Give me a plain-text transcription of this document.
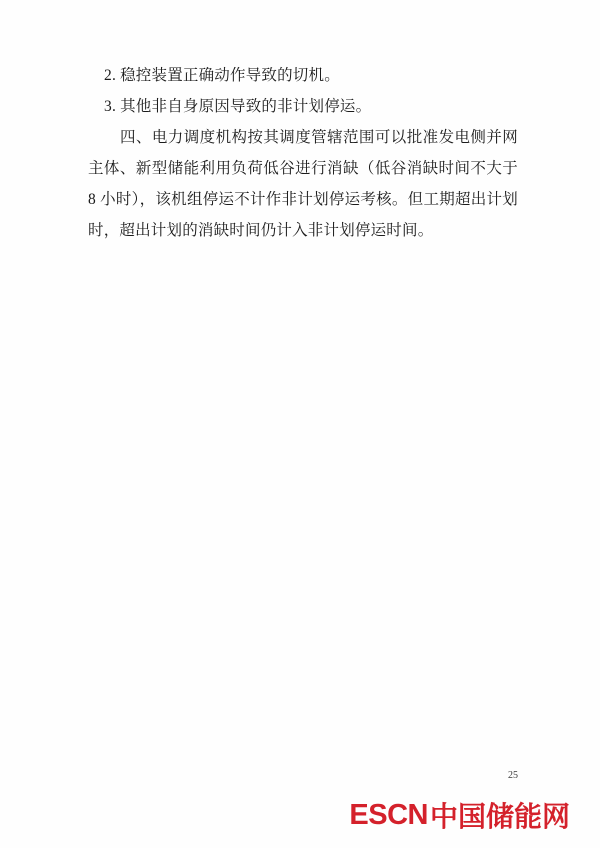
2. 稳控装置正确动作导致的切机。

3. 其他非自身原因导致的非计划停运。

四、电力调度机构按其调度管辖范围可以批准发电侧并网主体、新型储能利用负荷低谷进行消缺（低谷消缺时间不大于 8 小时），该机组停运不计作非计划停运考核。但工期超出计划时，超出计划的消缺时间仍计入非计划停运时间。

25
ESCN 中国储能网
